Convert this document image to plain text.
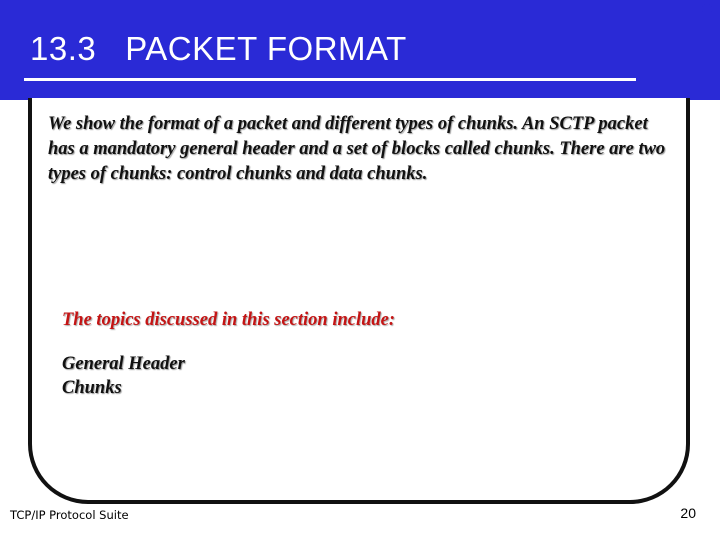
13.3   PACKET FORMAT
We show the format of a packet and different types of chunks. An SCTP packet has a mandatory general header and a set of blocks called chunks. There are two types of chunks: control chunks and data chunks.
The topics discussed in this section include:
General Header
Chunks
TCP/IP Protocol Suite	20
